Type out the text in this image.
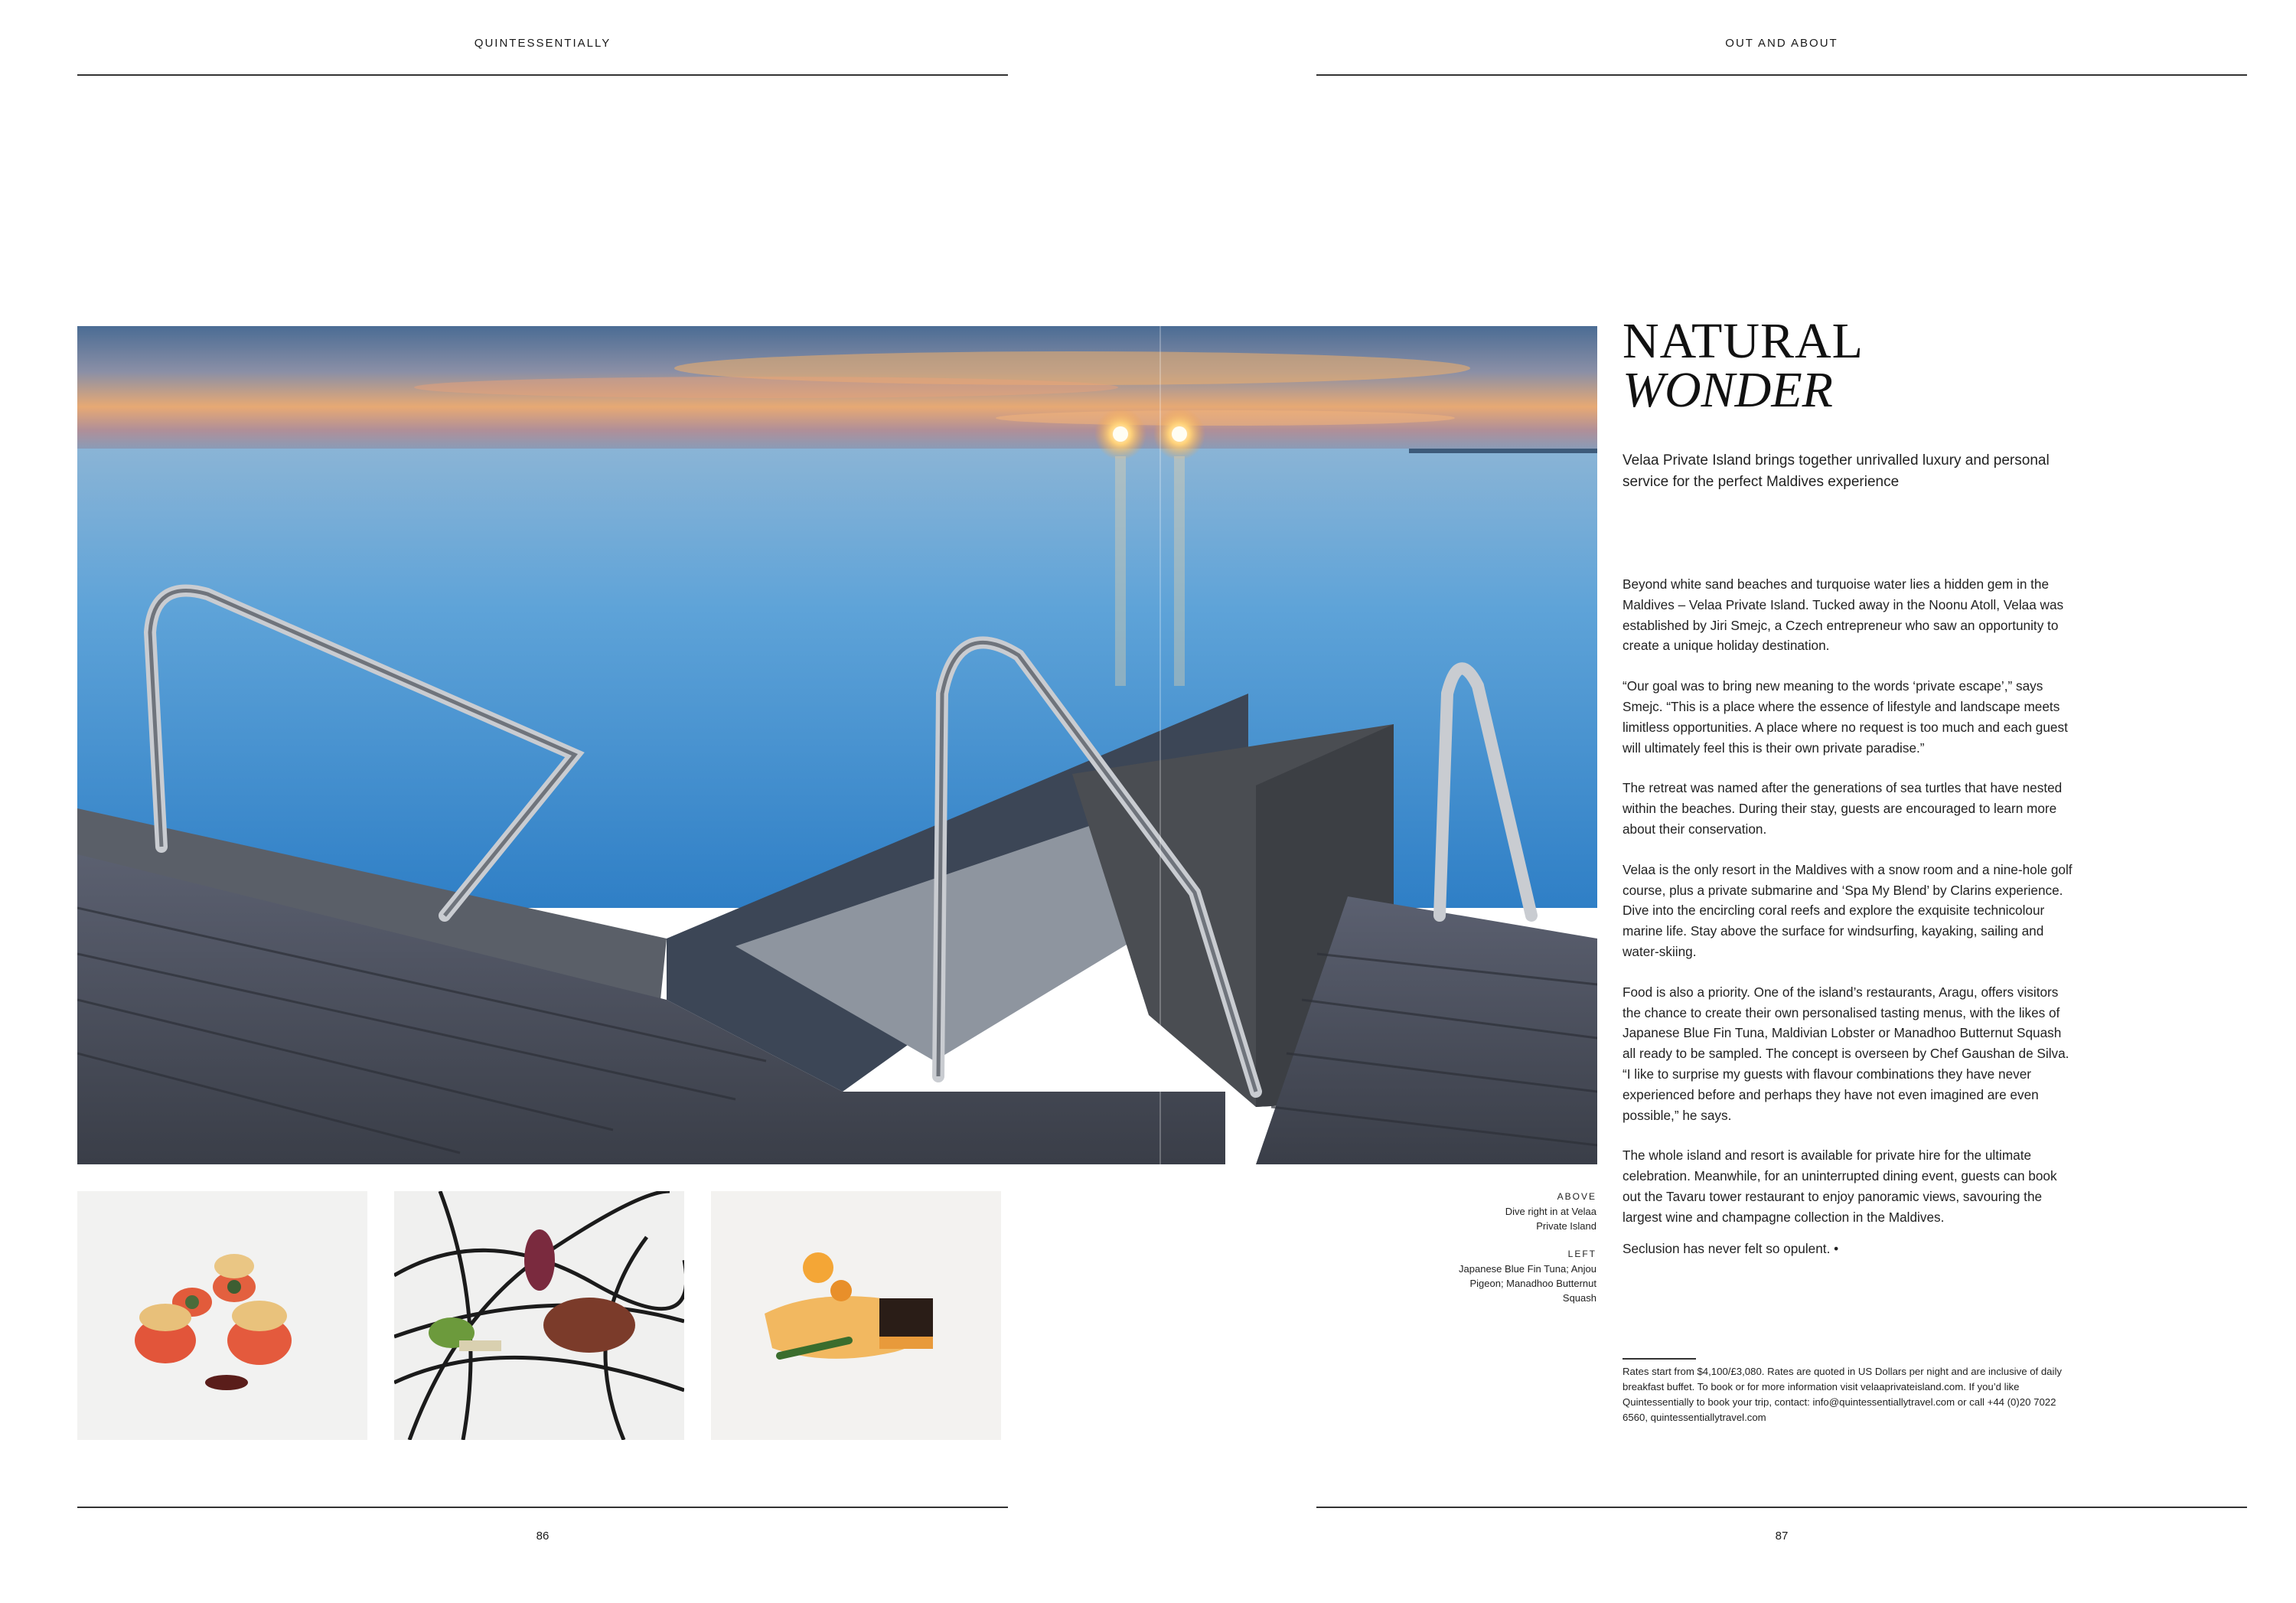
QUINTESSENTIALLY	OUT AND ABOUT
NATURAL
WONDER
Velaa Private Island brings together unrivalled luxury and personal service for the perfect Maldives experience

Beyond white sand beaches and turquoise water lies a hidden gem in the Maldives – Velaa Private Island. Tucked away in the Noonu Atoll, Velaa was established by Jiri Smejc, a Czech entrepreneur who saw an opportunity to create a unique holiday destination.

“Our goal was to bring new meaning to the words ‘private escape’,” says Smejc. “This is a place where the essence of lifestyle and landscape meets limitless opportunities. A place where no request is too much and each guest will ultimately feel this is their own private paradise.”

The retreat was named after the generations of sea turtles that have nested within the beaches. During their stay, guests are encouraged to learn more about their conservation.

Velaa is the only resort in the Maldives with a snow room and a nine-hole golf course, plus a private submarine and ‘Spa My Blend’ by Clarins experience. Dive into the encircling coral reefs and explore the exquisite technicolour marine life. Stay above the surface for windsurfing, kayaking, sailing and water-skiing.

Food is also a priority. One of the island’s restaurants, Aragu, offers visitors the chance to create their own personalised tasting menus, with the likes of Japanese Blue Fin Tuna, Maldivian Lobster or Manadhoo Butternut Squash all ready to be sampled. The concept is overseen by Chef Gaushan de Silva. “I like to surprise my guests with flavour combinations they have never experienced before and perhaps they have not even imagined are even possible,” he says.

The whole island and resort is available for private hire for the ultimate celebration. Meanwhile, for an uninterrupted dining event, guests can book out the Tavaru tower restaurant to enjoy panoramic views, savouring the largest wine and champagne collection in the Maldives.

Seclusion has never felt so opulent. •

ABOVE
Dive right in at Velaa Private Island
LEFT
Japanese Blue Fin Tuna; Anjou Pigeon; Manadhoo Butternut Squash
Rates start from $4,100/£3,080. Rates are quoted in US Dollars per night and are inclusive of daily breakfast buffet. To book or for more information visit velaaprivateisland.com. If you’d like Quintessentially to book your trip, contact: info@quintessentiallytravel.com or call +44 (0)20 7022 6560, quintessentiallytravel.com
86	87
